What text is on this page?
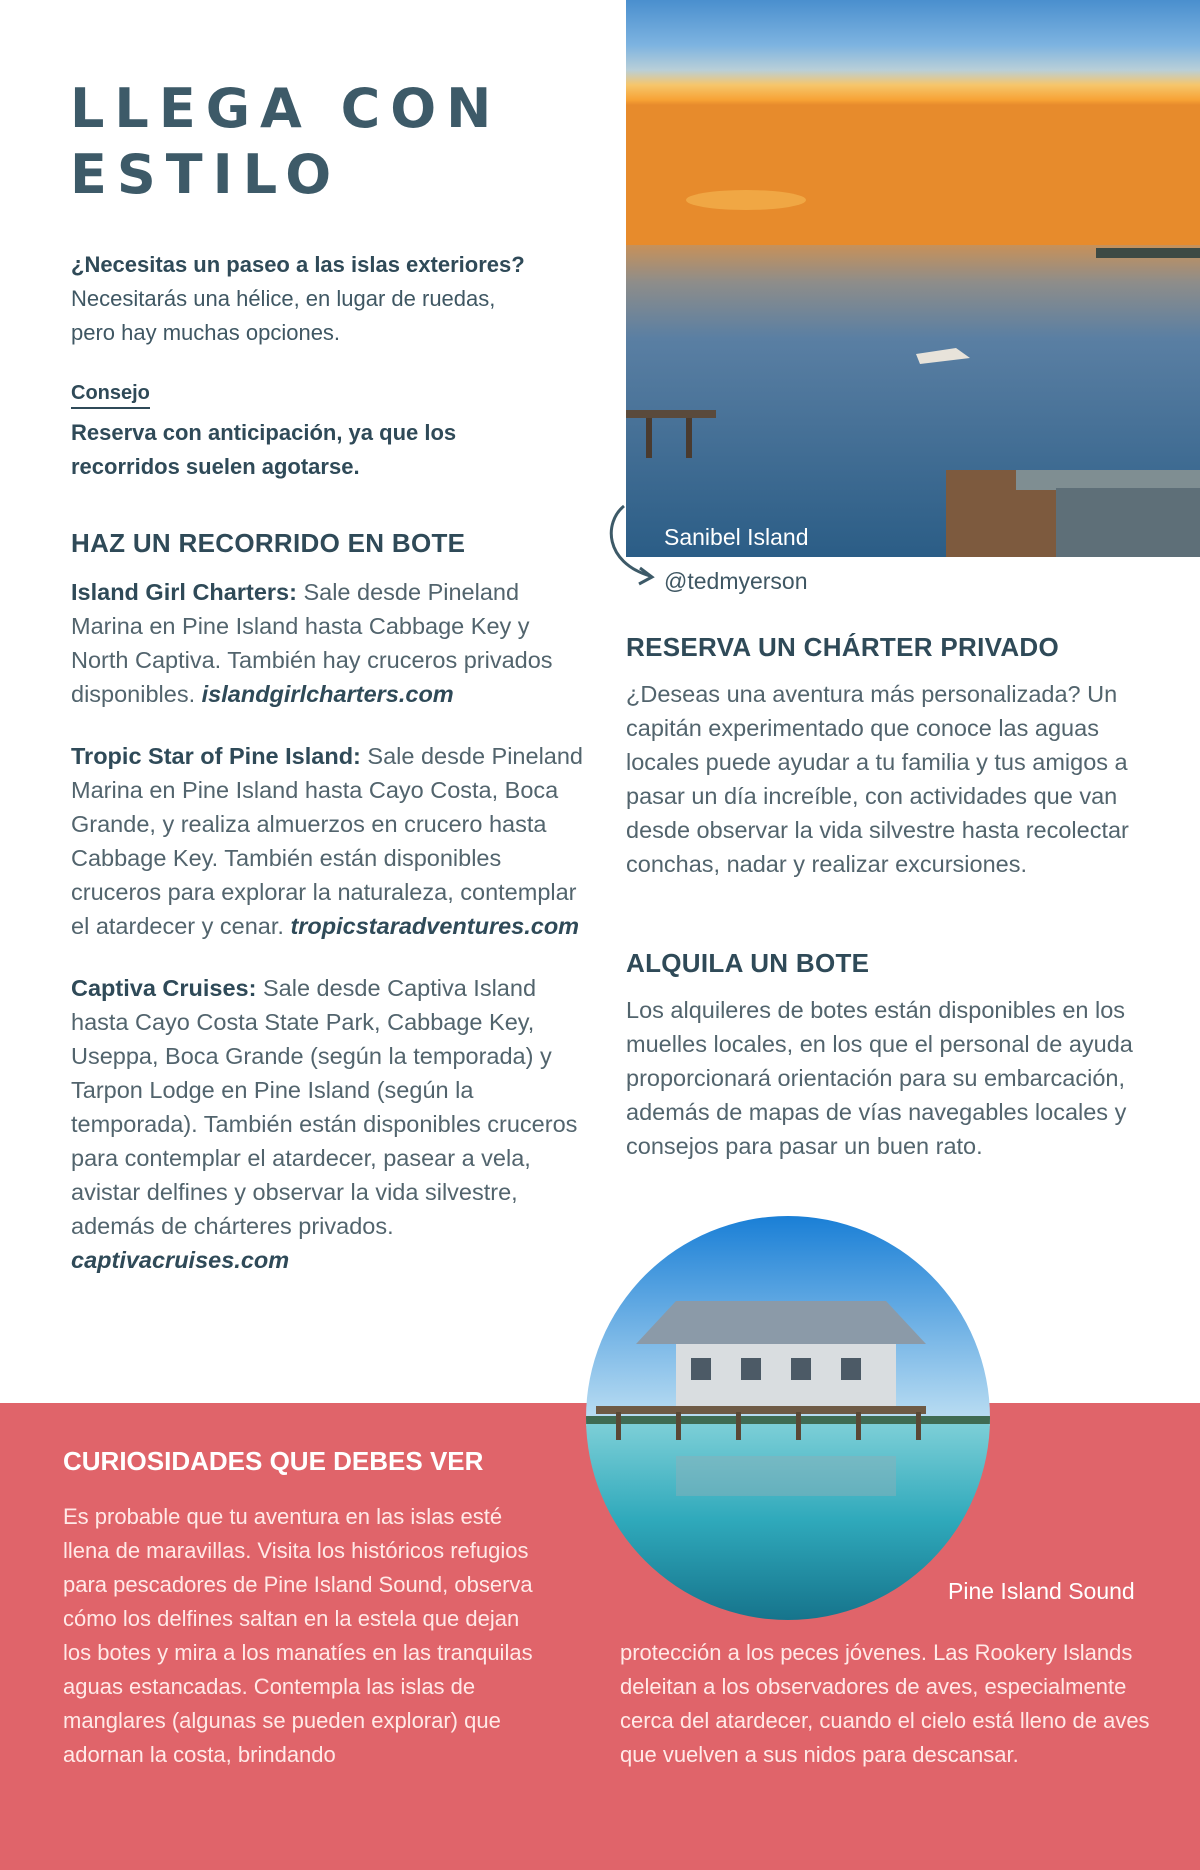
LLEGA CON
ESTILO
¿Necesitas un paseo a las islas exteriores?
Necesitarás una hélice, en lugar de ruedas, pero hay muchas opciones.
Consejo
Reserva con anticipación, ya que los recorridos suelen agotarse.
HAZ UN RECORRIDO EN BOTE

Island Girl Charters: Sale desde Pineland Marina en Pine Island hasta Cabbage Key y North Captiva. También hay cruceros privados disponibles. islandgirlcharters.com

Tropic Star of Pine Island: Sale desde Pineland Marina en Pine Island hasta Cayo Costa, Boca Grande, y realiza almuerzos en crucero hasta Cabbage Key. También están disponibles cruceros para explorar la naturaleza, contemplar el atardecer y cenar. tropicstaradventures.com

Captiva Cruises: Sale desde Captiva Island hasta Cayo Costa State Park, Cabbage Key, Useppa, Boca Grande (según la temporada) y Tarpon Lodge en Pine Island (según la temporada). También están disponibles cruceros para contemplar el atardecer, pasear a vela, avistar delfines y observar la vida silvestre, además de chárteres privados. captivacruises.com

Sanibel Island
@tedmyerson
RESERVA UN CHÁRTER PRIVADO
¿Deseas una aventura más personalizada? Un capitán experimentado que conoce las aguas locales puede ayudar a tu familia y tus amigos a pasar un día increíble, con actividades que van desde observar la vida silvestre hasta recolectar conchas, nadar y realizar excursiones.
ALQUILA UN BOTE
Los alquileres de botes están disponibles en los muelles locales, en los que el personal de ayuda proporcionará orientación para su embarcación, además de mapas de vías navegables locales y consejos para pasar un buen rato.
CURIOSIDADES QUE DEBES VER
Es probable que tu aventura en las islas esté llena de maravillas. Visita los históricos refugios para pescadores de Pine Island Sound, observa cómo los delfines saltan en la estela que dejan los botes y mira a los manatíes en las tranquilas aguas estancadas. Contempla las islas de manglares (algunas se pueden explorar) que adornan la costa, brindando
protección a los peces jóvenes. Las Rookery Islands deleitan a los observadores de aves, especialmente cerca del atardecer, cuando el cielo está lleno de aves que vuelven a sus nidos para descansar.
Pine Island Sound
